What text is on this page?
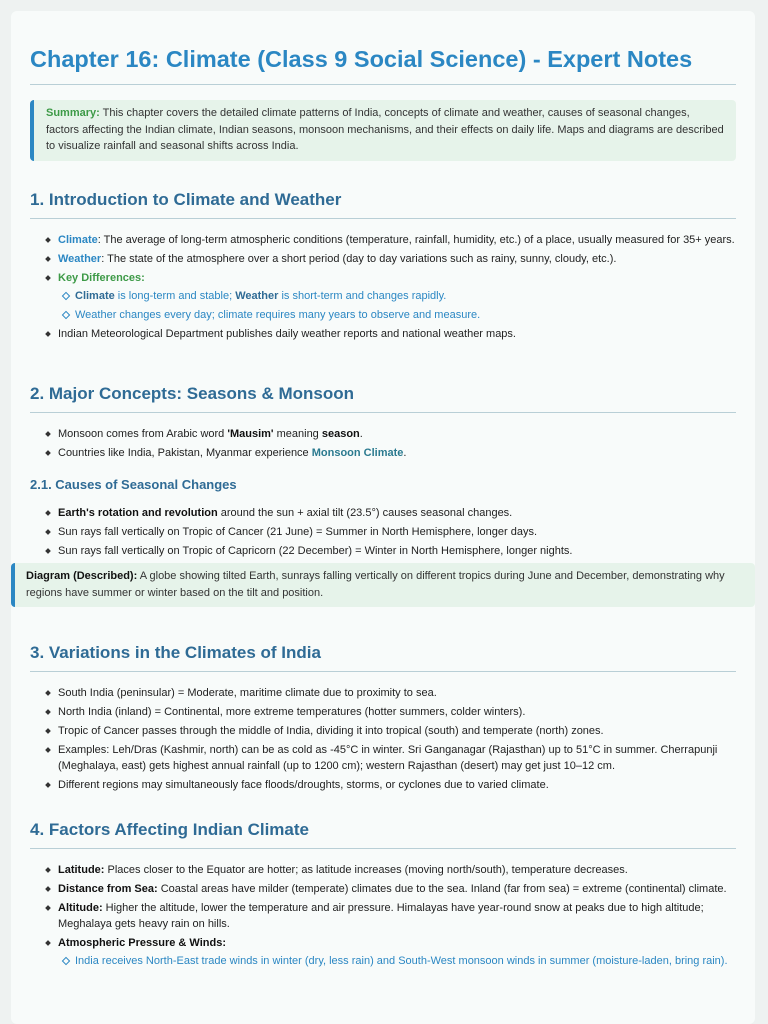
Chapter 16: Climate (Class 9 Social Science) - Expert Notes
Summary: This chapter covers the detailed climate patterns of India, concepts of climate and weather, causes of seasonal changes, factors affecting the Indian climate, Indian seasons, monsoon mechanisms, and their effects on daily life. Maps and diagrams are described to visualize rainfall and seasonal shifts across India.
1. Introduction to Climate and Weather
Climate: The average of long-term atmospheric conditions (temperature, rainfall, humidity, etc.) of a place, usually measured for 35+ years.
Weather: The state of the atmosphere over a short period (day to day variations such as rainy, sunny, cloudy, etc.).
Key Differences:
Climate is long-term and stable; Weather is short-term and changes rapidly.
Weather changes every day; climate requires many years to observe and measure.
Indian Meteorological Department publishes daily weather reports and national weather maps.
2. Major Concepts: Seasons & Monsoon
Monsoon comes from Arabic word 'Mausim' meaning season.
Countries like India, Pakistan, Myanmar experience Monsoon Climate.
2.1. Causes of Seasonal Changes
Earth's rotation and revolution around the sun + axial tilt (23.5°) causes seasonal changes.
Sun rays fall vertically on Tropic of Cancer (21 June) = Summer in North Hemisphere, longer days.
Sun rays fall vertically on Tropic of Capricorn (22 December) = Winter in North Hemisphere, longer nights.
Diagram (Described): A globe showing tilted Earth, sunrays falling vertically on different tropics during June and December, demonstrating why regions have summer or winter based on the tilt and position.
3. Variations in the Climates of India
South India (peninsular) = Moderate, maritime climate due to proximity to sea.
North India (inland) = Continental, more extreme temperatures (hotter summers, colder winters).
Tropic of Cancer passes through the middle of India, dividing it into tropical (south) and temperate (north) zones.
Examples: Leh/Dras (Kashmir, north) can be as cold as -45°C in winter. Sri Ganganagar (Rajasthan) up to 51°C in summer. Cherrapunji (Meghalaya, east) gets highest annual rainfall (up to 1200 cm); western Rajasthan (desert) may get just 10–12 cm.
Different regions may simultaneously face floods/droughts, storms, or cyclones due to varied climate.
4. Factors Affecting Indian Climate
Latitude: Places closer to the Equator are hotter; as latitude increases (moving north/south), temperature decreases.
Distance from Sea: Coastal areas have milder (temperate) climates due to the sea. Inland (far from sea) = extreme (continental) climate.
Altitude: Higher the altitude, lower the temperature and air pressure. Himalayas have year-round snow at peaks due to high altitude; Meghalaya gets heavy rain on hills.
Atmospheric Pressure & Winds:
India receives North-East trade winds in winter (dry, less rain) and South-West monsoon winds in summer (moisture-laden, bring rain).
